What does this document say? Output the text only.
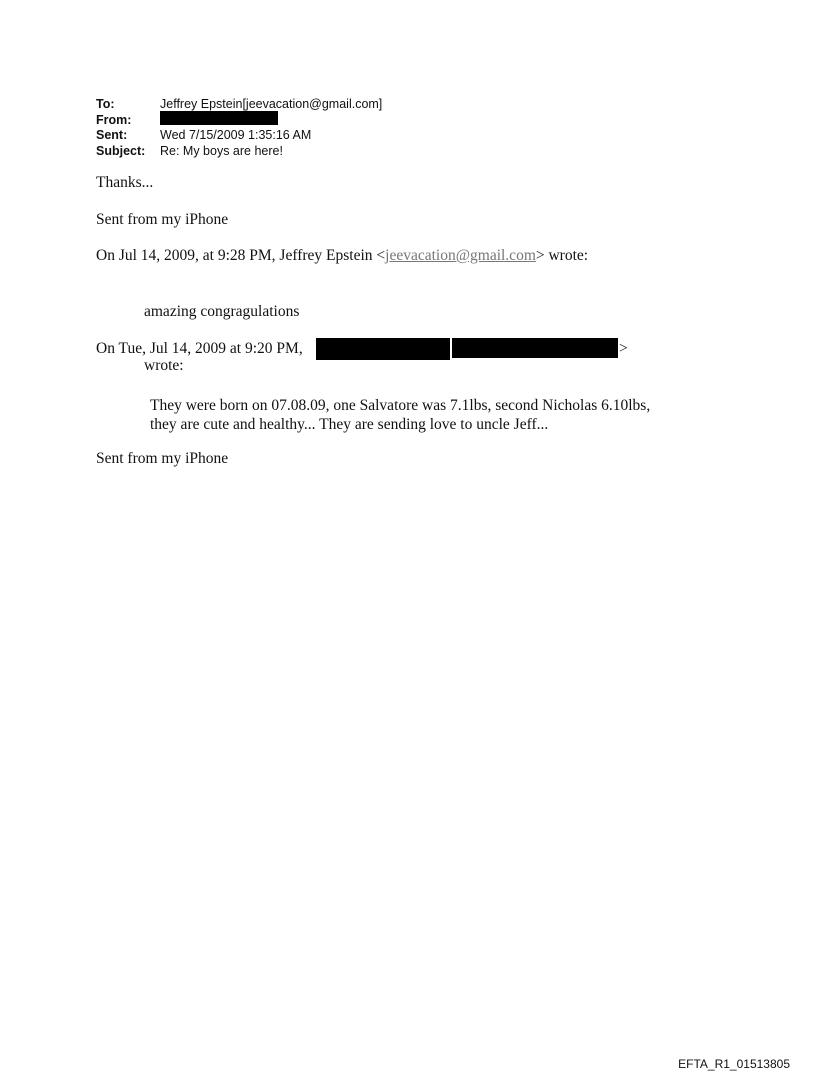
To:	Jeffrey Epstein[jeevacation@gmail.com]
From:
Sent:	Wed 7/15/2009 1:35:16 AM
Subject: Re: My boys are here!
Thanks...
Sent from my iPhone
On Jul 14, 2009, at 9:28 PM, Jeffrey Epstein <jeevacation@gmail.com> wrote:
amazing congragulations
On Tue, Jul 14, 2009 at 9:20 PM,	>
wrote:
They were born on 07.08.09, one Salvatore was 7.1lbs, second Nicholas 6.10lbs,
they are cute and healthy... They are sending love to uncle Jeff...
Sent from my iPhone
EFTA_R1_01513805
